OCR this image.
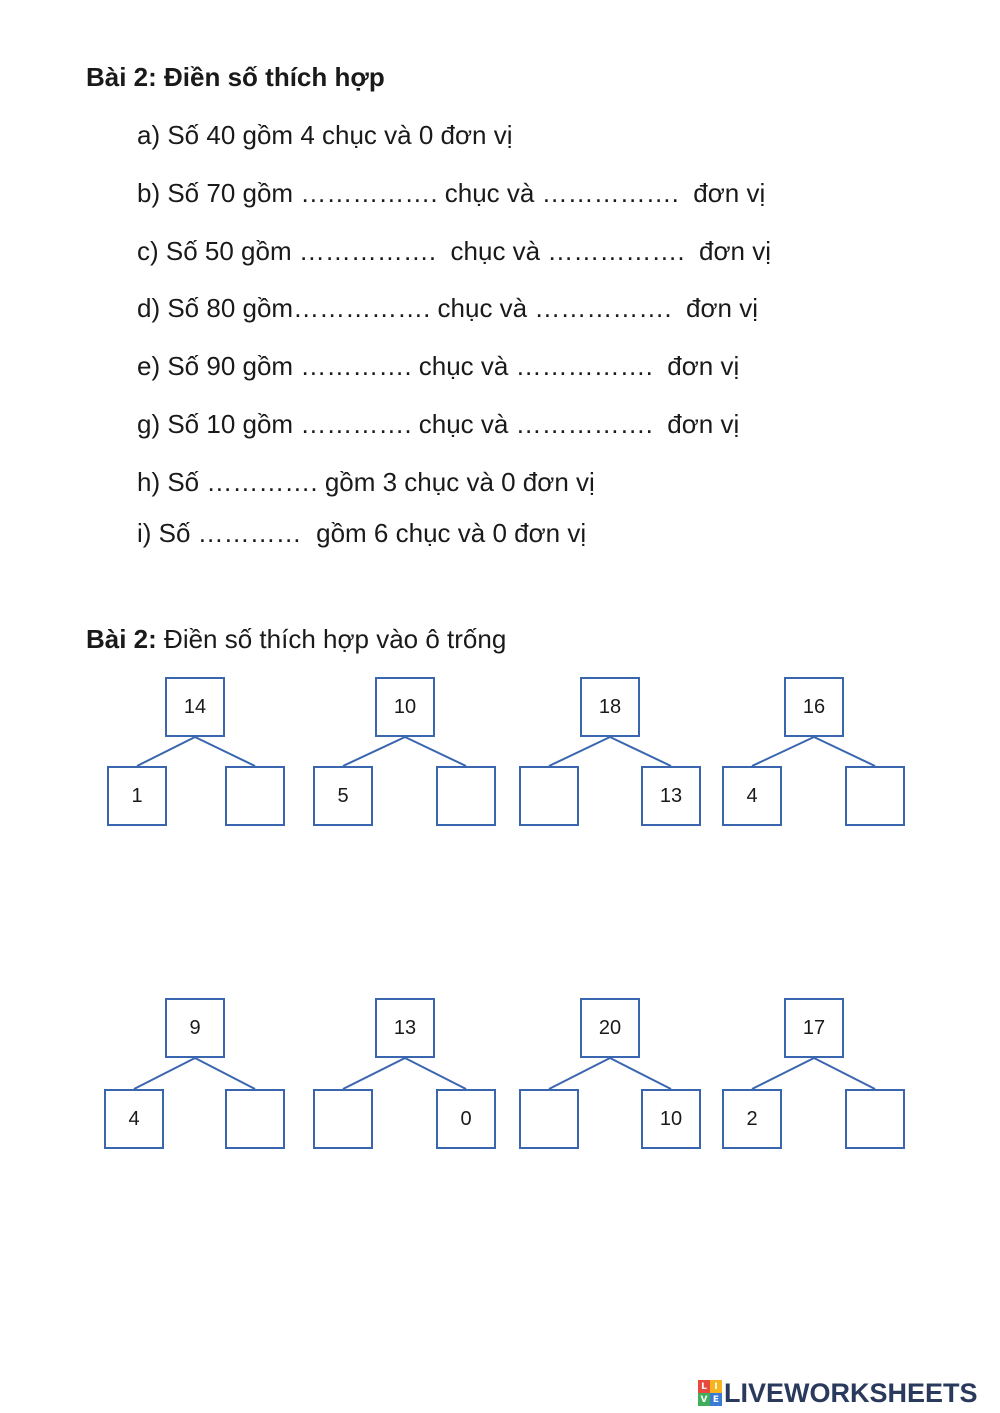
Bài 2: Điền số thích hợp
a) Số 40 gồm 4 chục và 0 đơn vị
b) Số 70 gồm ……………. chục và …………….  đơn vị
c) Số 50 gồm …………….  chục và …………….  đơn vị
d) Số 80 gồm……………. chục và …………….  đơn vị
e) Số 90 gồm …………. chục và …………….  đơn vị
g) Số 10 gồm …………. chục và …………….  đơn vị
h) Số …………. gồm 3 chục và 0 đơn vị
i) Số …………  gồm 6 chục và 0 đơn vị
Bài 2: Điền số thích hợp vào ô trống
14
1
10
5
18
13
16
4
9
4
13
0
20
10
17
2
L I
V E LIVEWORKSHEETS
